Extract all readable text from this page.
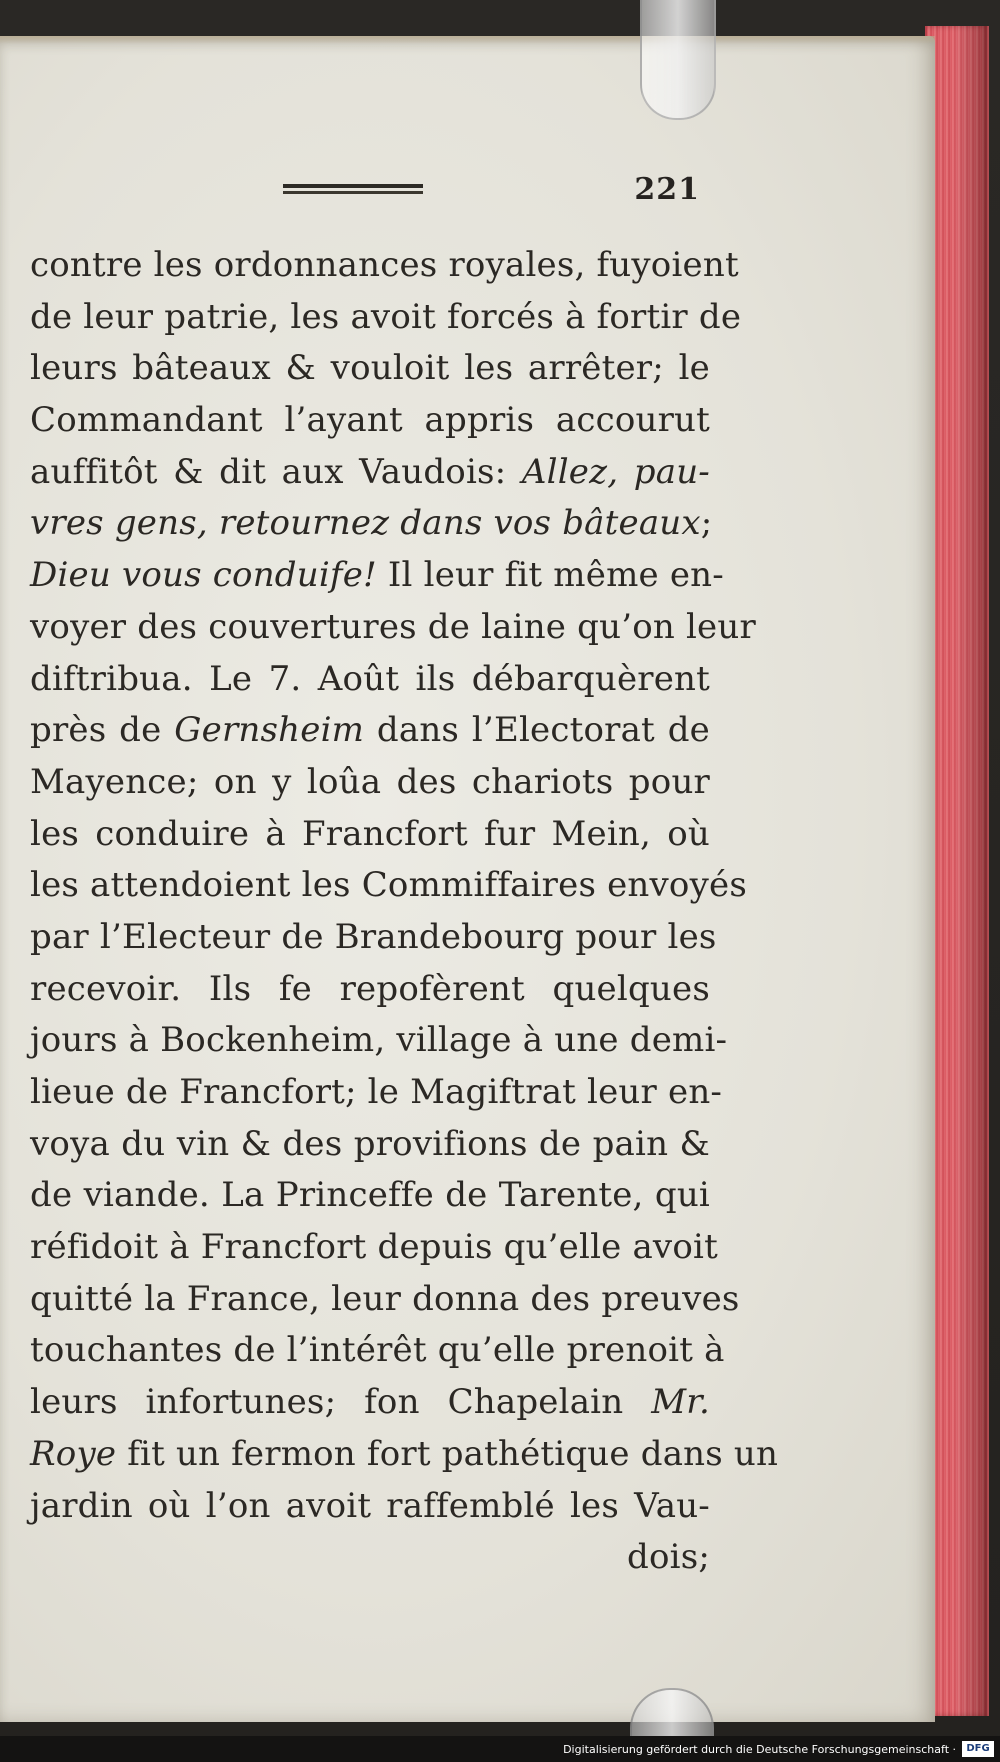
221
contre les ordonnances royales, fuyoient
de leur patrie, les avoit forcés à fortir de
leurs bâteaux & vouloit les arrêter; le
Commandant l’ayant appris accourut
auffitôt & dit aux Vaudois: Allez, pau-
vres gens, retournez dans vos bâteaux;
Dieu vous conduife! Il leur fit même en-
voyer des couvertures de laine qu’on leur
diftribua. Le 7. Août ils débarquèrent
près de Gernsheim dans l’Electorat de
Mayence; on y loûa des chariots pour
les conduire à Francfort fur Mein, où
les attendoient les Commiffaires envoyés
par l’Electeur de Brandebourg pour les
recevoir. Ils fe repofèrent quelques
jours à Bockenheim, village à une demi-
lieue de Francfort; le Magiftrat leur en-
voya du vin & des provifions de pain &
de viande. La Princeffe de Tarente, qui
réfidoit à Francfort depuis qu’elle avoit
quitté la France, leur donna des preuves
touchantes de l’intérêt qu’elle prenoit à
leurs infortunes; fon Chapelain Mr.
Roye fit un fermon fort pathétique dans un
jardin où l’on avoit raffemblé les Vau-
dois;
Digitalisierung gefördert durch die Deutsche Forschungsgemeinschaft ·	DFG
